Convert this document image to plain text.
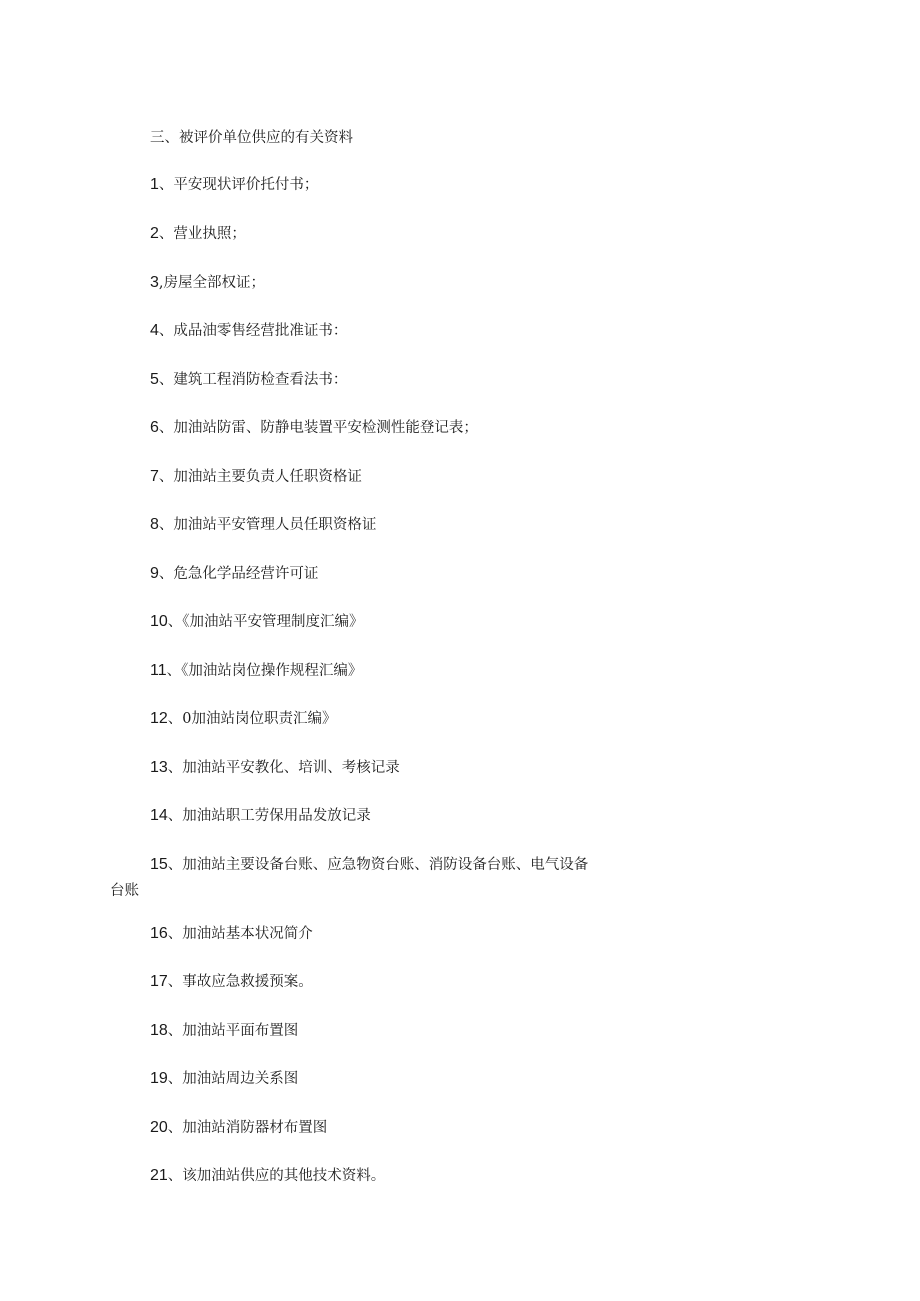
三、被评价单位供应的有关资料
1、平安现状评价托付书；
2、营业执照；
3,房屋全部权证；
4、成品油零售经营批准证书：
5、建筑工程消防检查看法书：
6、加油站防雷、防静电装置平安检测性能登记表；
7、加油站主要负责人任职资格证
8、加油站平安管理人员任职资格证
9、危急化学品经营许可证
10、《加油站平安管理制度汇编》
11、《加油站岗位操作规程汇编》
12、0加油站岗位职责汇编》
13、加油站平安教化、培训、考核记录
14、加油站职工劳保用品发放记录
15、加油站主要设备台账、应急物资台账、消防设备台账、电气设备
台账
16、加油站基本状况简介
17、事故应急救援预案。
18、加油站平面布置图
19、加油站周边关系图
20、加油站消防器材布置图
21、该加油站供应的其他技术资料。
